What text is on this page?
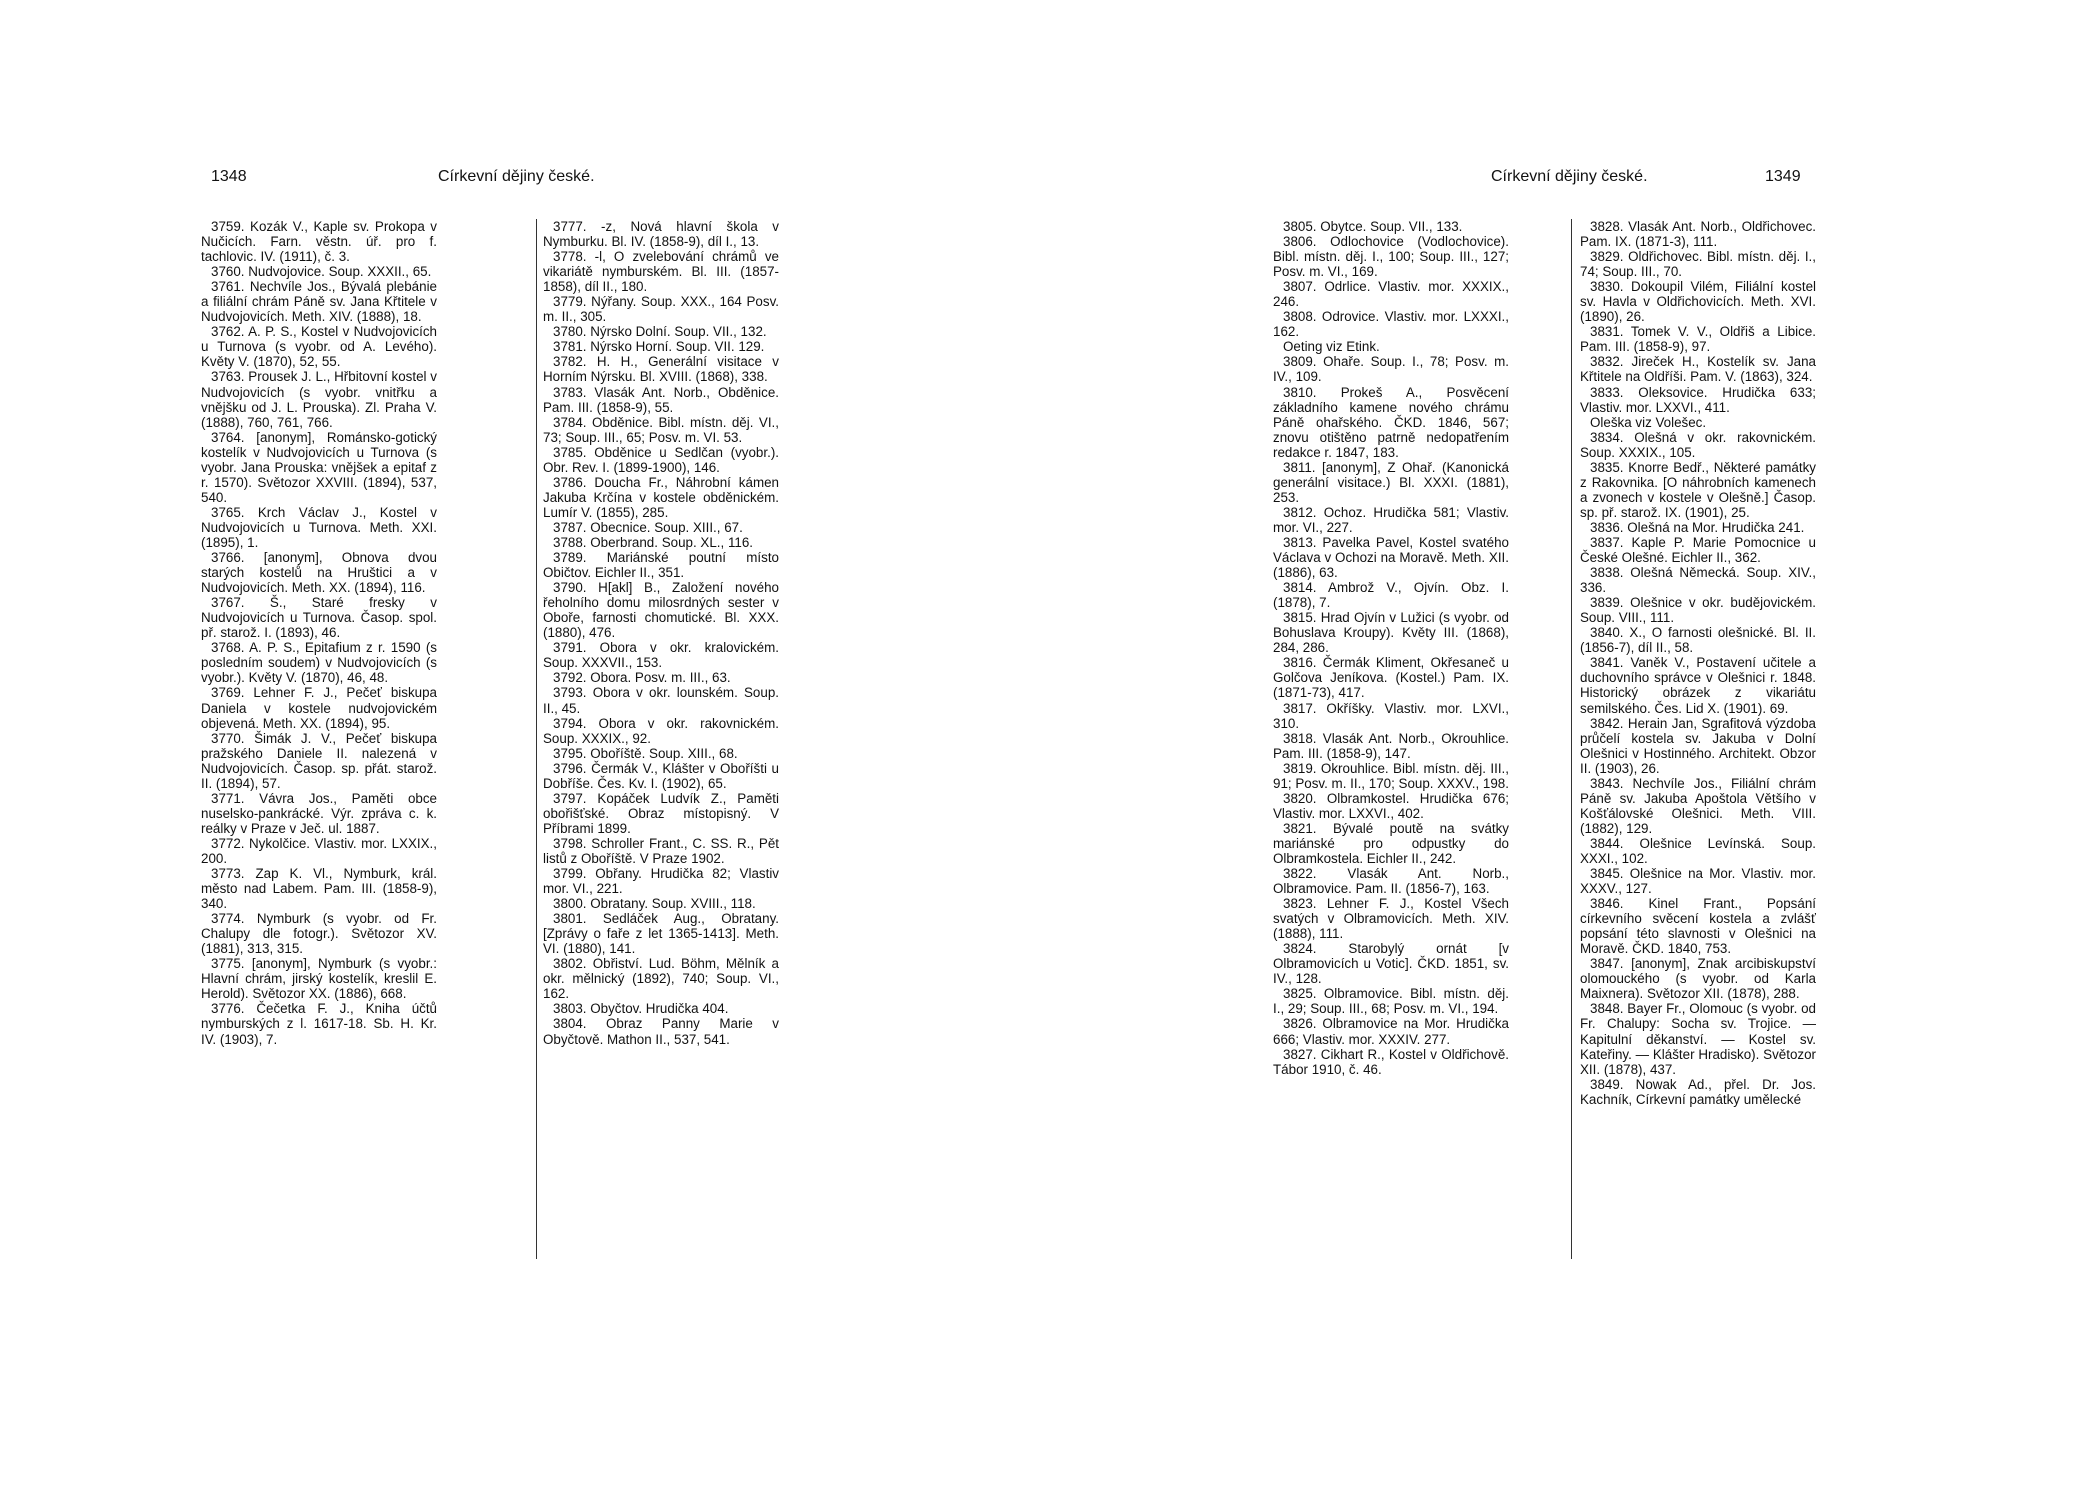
1348	Církevní dějiny české.

3759. Kozák V., Kaple sv. Prokopa v Nučicích. Farn. věstn. úř. pro f. tachlovic. IV. (1911), č. 3.

3760. Nudvojovice. Soup. XXXII., 65.

3761. Nechvíle Jos., Bývalá plebánie a filiální chrám Páně sv. Jana Křtitele v Nudvojovicích. Meth. XIV. (1888), 18.

3762. A. P. S., Kostel v Nudvojovicích u Turnova (s vyobr. od A. Levého). Květy V. (1870), 52, 55.

3763. Prousek J. L., Hřbitovní kostel v Nudvojovicích (s vyobr. vnitřku a vnějšku od J. L. Prouska). Zl. Praha V. (1888), 760, 761, 766.

3764. [anonym], Románsko-gotický kostelík v Nudvojovicích u Turnova (s vyobr. Jana Prouska: vnějšek a epitaf z r. 1570). Světozor XXVIII. (1894), 537, 540.

3765. Krch Václav J., Kostel v Nudvojovicích u Turnova. Meth. XXI. (1895), 1.

3766. [anonym], Obnova dvou starých kostelů na Hruštici a v Nudvojovicích. Meth. XX. (1894), 116.

3767. Š., Staré fresky v Nudvojovicích u Turnova. Časop. spol. př. starož. I. (1893), 46.

3768. A. P. S., Epitafium z r. 1590 (s posledním soudem) v Nudvojovicích (s vyobr.). Květy V. (1870), 46, 48.

3769. Lehner F. J., Pečeť biskupa Daniela v kostele nudvojovickém objevená. Meth. XX. (1894), 95.

3770. Šimák J. V., Pečeť biskupa pražského Daniele II. nalezená v Nudvojovicích. Časop. sp. přát. starož. II. (1894), 57.

3771. Vávra Jos., Paměti obce nuselsko-pankrácké. Výr. zpráva c. k. reálky v Praze v Ječ. ul. 1887.

3772. Nykolčice. Vlastiv. mor. LXXIX., 200.

3773. Zap K. Vl., Nymburk, král. město nad Labem. Pam. III. (1858-9), 340.

3774. Nymburk (s vyobr. od Fr. Chalupy dle fotogr.). Světozor XV. (1881), 313, 315.

3775. [anonym], Nymburk (s vyobr.: Hlavní chrám, jirský kostelík, kreslil E. Herold). Světozor XX. (1886), 668.

3776. Čečetka F. J., Kniha účtů nymburských z l. 1617-18. Sb. H. Kr. IV. (1903), 7.

3777. -z, Nová hlavní škola v Nymburku. Bl. IV. (1858-9), díl I., 13.

3778. -l, O zvelebování chrámů ve vikariátě nymburském. Bl. III. (1857-1858), díl II., 180.

3779. Nýřany. Soup. XXX., 164 Posv. m. II., 305.

3780. Nýrsko Dolní. Soup. VII., 132.

3781. Nýrsko Horní. Soup. VII. 129.

3782. H. H., Generální visitace v Horním Nýrsku. Bl. XVIII. (1868), 338.

3783. Vlasák Ant. Norb., Obděnice. Pam. III. (1858-9), 55.

3784. Obděnice. Bibl. místn. děj. VI., 73; Soup. III., 65; Posv. m. VI. 53.

3785. Obděnice u Sedlčan (vyobr.). Obr. Rev. I. (1899-1900), 146.

3786. Doucha Fr., Náhrobní kámen Jakuba Krčína v kostele obděnickém. Lumír V. (1855), 285.

3787. Obecnice. Soup. XIII., 67.

3788. Oberbrand. Soup. XL., 116.

3789. Mariánské poutní místo Običtov. Eichler II., 351.

3790. H[akl] B., Založení nového řeholního domu milosrdných sester v Oboře, farnosti chomutické. Bl. XXX. (1880), 476.

3791. Obora v okr. kralovickém. Soup. XXXVII., 153.

3792. Obora. Posv. m. III., 63.

3793. Obora v okr. lounském. Soup. II., 45.

3794. Obora v okr. rakovnickém. Soup. XXXIX., 92.

3795. Oboříště. Soup. XIII., 68.

3796. Čermák V., Klášter v Oboříšti u Dobříše. Čes. Kv. I. (1902), 65.

3797. Kopáček Ludvík Z., Paměti obořišťské. Obraz místopisný. V Příbrami 1899.

3798. Schroller Frant., C. SS. R., Pět listů z Oboříště. V Praze 1902.

3799. Obřany. Hrudička 82; Vlastiv mor. VI., 221.

3800. Obratany. Soup. XVIII., 118.

3801. Sedláček Aug., Obratany. [Zprávy o faře z let 1365-1413]. Meth. VI. (1880), 141.

3802. Obřiství. Lud. Böhm, Mělník a okr. mělnický (1892), 740; Soup. VI., 162.

3803. Obyčtov. Hrudička 404.

3804. Obraz Panny Marie v Obyčtově. Mathon II., 537, 541.

Církevní dějiny české.	1349

3805. Obytce. Soup. VII., 133.

3806. Odlochovice (Vodlochovice). Bibl. místn. děj. I., 100; Soup. III., 127; Posv. m. VI., 169.

3807. Odrlice. Vlastiv. mor. XXXIX., 246.

3808. Odrovice. Vlastiv. mor. LXXXI., 162.

Oeting viz Etink.

3809. Ohaře. Soup. I., 78; Posv. m. IV., 109.

3810. Prokeš A., Posvěcení základního kamene nového chrámu Páně ohařského. ČKD. 1846, 567; znovu otištěno patrně nedopatřením redakce r. 1847, 183.

3811. [anonym], Z Ohař. (Kanonická generální visitace.) Bl. XXXI. (1881), 253.

3812. Ochoz. Hrudička 581; Vlastiv. mor. VI., 227.

3813. Pavelka Pavel, Kostel svatého Václava v Ochozi na Moravě. Meth. XII. (1886), 63.

3814. Ambrož V., Ojvín. Obz. I. (1878), 7.

3815. Hrad Ojvín v Lužici (s vyobr. od Bohuslava Kroupy). Květy III. (1868), 284, 286.

3816. Čermák Kliment, Okřesaneč u Golčova Jeníkova. (Kostel.) Pam. IX. (1871-73), 417.

3817. Okříšky. Vlastiv. mor. LXVI., 310.

3818. Vlasák Ant. Norb., Okrouhlice. Pam. III. (1858-9), 147.

3819. Okrouhlice. Bibl. místn. děj. III., 91; Posv. m. II., 170; Soup. XXXV., 198.

3820. Olbramkostel. Hrudička 676; Vlastiv. mor. LXXVI., 402.

3821. Bývalé poutě na svátky mariánské pro odpustky do Olbramkostela. Eichler II., 242.

3822. Vlasák Ant. Norb., Olbramovice. Pam. II. (1856-7), 163.

3823. Lehner F. J., Kostel Všech svatých v Olbramovicích. Meth. XIV. (1888), 111.

3824. Starobylý ornát [v Olbramovicích u Votic]. ČKD. 1851, sv. IV., 128.

3825. Olbramovice. Bibl. místn. děj. I., 29; Soup. III., 68; Posv. m. VI., 194.

3826. Olbramovice na Mor. Hrudička 666; Vlastiv. mor. XXXIV. 277.

3827. Cikhart R., Kostel v Oldřichově. Tábor 1910, č. 46.

3828. Vlasák Ant. Norb., Oldřichovec. Pam. IX. (1871-3), 111.

3829. Oldřichovec. Bibl. místn. děj. I., 74; Soup. III., 70.

3830. Dokoupil Vilém, Filiální kostel sv. Havla v Oldřichovicích. Meth. XVI. (1890), 26.

3831. Tomek V. V., Oldřiš a Libice. Pam. III. (1858-9), 97.

3832. Jireček H., Kostelík sv. Jana Křtitele na Oldříši. Pam. V. (1863), 324.

3833. Oleksovice. Hrudička 633; Vlastiv. mor. LXXVI., 411.

Oleška viz Volešec.

3834. Olešná v okr. rakovnickém. Soup. XXXIX., 105.

3835. Knorre Bedř., Některé památky z Rakovnika. [O náhrobních kamenech a zvonech v kostele v Olešně.] Časop. sp. př. starož. IX. (1901), 25.

3836. Olešná na Mor. Hrudička 241.

3837. Kaple P. Marie Pomocnice u České Olešné. Eichler II., 362.

3838. Olešná Německá. Soup. XIV., 336.

3839. Olešnice v okr. budějovickém. Soup. VIII., 111.

3840. X., O farnosti olešnické. Bl. II. (1856-7), díl II., 58.

3841. Vaněk V., Postavení učitele a duchovního správce v Olešnici r. 1848. Historický obrázek z vikariátu semilského. Čes. Lid X. (1901). 69.

3842. Herain Jan, Sgrafitová výzdoba průčelí kostela sv. Jakuba v Dolní Olešnici v Hostinného. Architekt. Obzor II. (1903), 26.

3843. Nechvíle Jos., Filiální chrám Páně sv. Jakuba Apoštola Většího v Košťálovské Olešnici. Meth. VIII. (1882), 129.

3844. Olešnice Levínská. Soup. XXXI., 102.

3845. Olešnice na Mor. Vlastiv. mor. XXXV., 127.

3846. Kinel Frant., Popsání církevního svěcení kostela a zvlášť popsání této slavnosti v Olešnici na Moravě. ČKD. 1840, 753.

3847. [anonym], Znak arcibiskupství olomouckého (s vyobr. od Karla Maixnera). Světozor XII. (1878), 288.

3848. Bayer Fr., Olomouc (s vyobr. od Fr. Chalupy: Socha sv. Trojice. — Kapitulní děkanství. — Kostel sv. Kateřiny. — Klášter Hradisko). Světozor XII. (1878), 437.

3849. Nowak Ad., přel. Dr. Jos. Kachník, Církevní památky umělecké
